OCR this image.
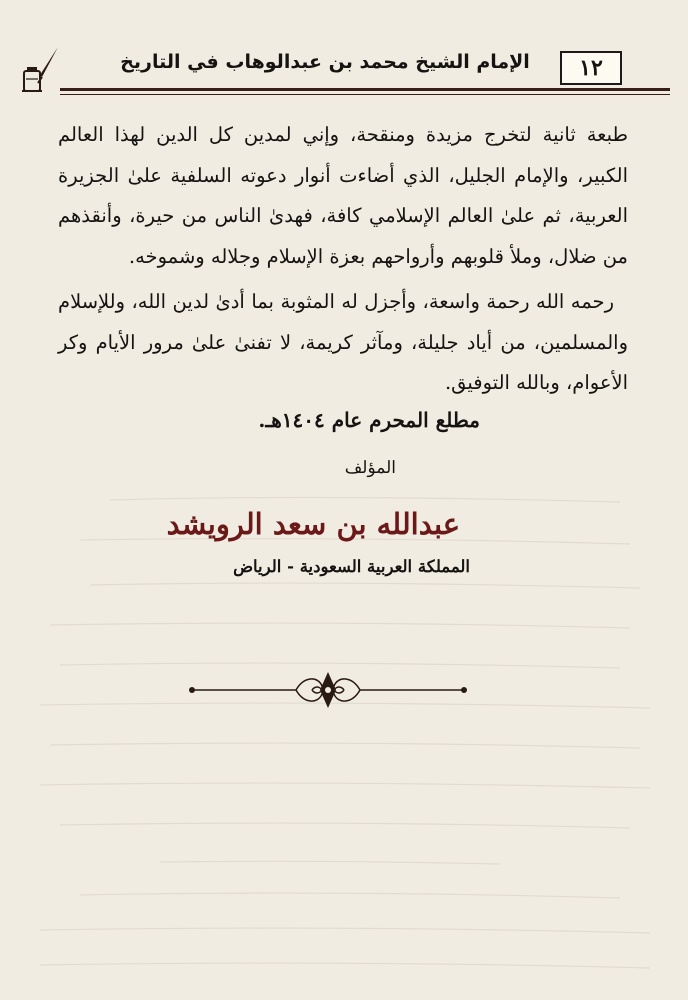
الإمام الشيخ محمد بن عبدالوهاب في التاريخ	١٢

طبعة ثانية لتخرج مزيدة ومنقحة، وإني لمدين كل الدين لهذا العالم الكبير، والإمام الجليل، الذي أضاءت أنوار دعوته السلفية علىٰ الجزيرة العربية، ثم علىٰ العالم الإسلامي كافة، فهدىٰ الناس من حيرة، وأنقذهم من ضلال، وملأ قلوبهم وأرواحهم بعزة الإسلام وجلاله وشموخه.

رحمه الله رحمة واسعة، وأجزل له المثوبة بما أدىٰ لدين الله، وللإسلام والمسلمين، من أياد جليلة، ومآثر كريمة، لا تفنىٰ علىٰ مرور الأيام وكر الأعوام، وبالله التوفيق.

مطلع المحرم عام ١٤٠٤هـ.
المؤلف
عبدالله بن سعد الرويشد
المملكة العربية السعودية - الرياض
